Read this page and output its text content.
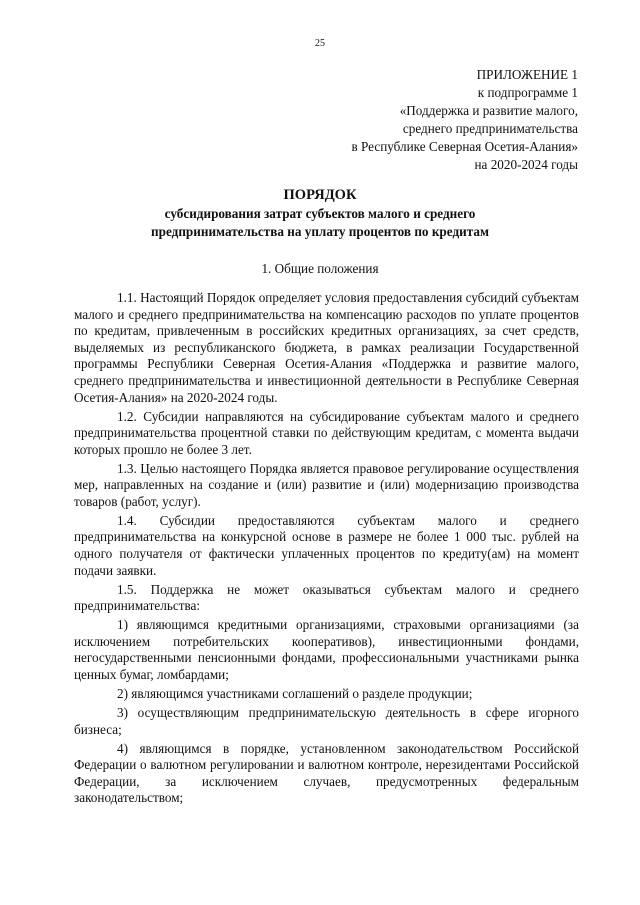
25
ПРИЛОЖЕНИЕ 1
к подпрограмме 1
«Поддержка и развитие малого,
среднего предпринимательства
в Республике Северная Осетия-Алания»
на 2020-2024 годы
ПОРЯДОК
субсидирования затрат субъектов малого и среднего
предпринимательства на уплату процентов по кредитам
1. Общие положения

1.1. Настоящий Порядок определяет условия предоставления субсидий субъектам малого и среднего предпринимательства на компенсацию расходов по уплате процентов по кредитам, привлеченным в российских кредитных организациях, за счет средств, выделяемых из республиканского бюджета, в рамках реализации Государственной программы Республики Северная Осетия-Алания «Поддержка и развитие малого, среднего предпринимательства и инвестиционной деятельности в Республике Северная Осетия-Алания» на 2020-2024 годы.

1.2. Субсидии направляются на субсидирование субъектам малого и среднего предпринимательства процентной ставки по действующим кредитам, с момента выдачи которых прошло не более 3 лет.

1.3. Целью настоящего Порядка является правовое регулирование осуществления мер, направленных на создание и (или) развитие и (или) модернизацию производства товаров (работ, услуг).

1.4. Субсидии предоставляются субъектам малого и среднего предпринимательства на конкурсной основе в размере не более 1 000 тыс. рублей на одного получателя от фактически уплаченных процентов по кредиту(ам) на момент подачи заявки.

1.5. Поддержка не может оказываться субъектам малого и среднего предпринимательства:

1) являющимся кредитными организациями, страховыми организациями (за исключением потребительских кооперативов), инвестиционными фондами, негосударственными пенсионными фондами, профессиональными участниками рынка ценных бумаг, ломбардами;

2) являющимся участниками соглашений о разделе продукции;

3) осуществляющим предпринимательскую деятельность в сфере игорного бизнеса;

4) являющимся в порядке, установленном законодательством Российской Федерации о валютном регулировании и валютном контроле, нерезидентами Российской Федерации, за исключением случаев, предусмотренных федеральным законодательством;
